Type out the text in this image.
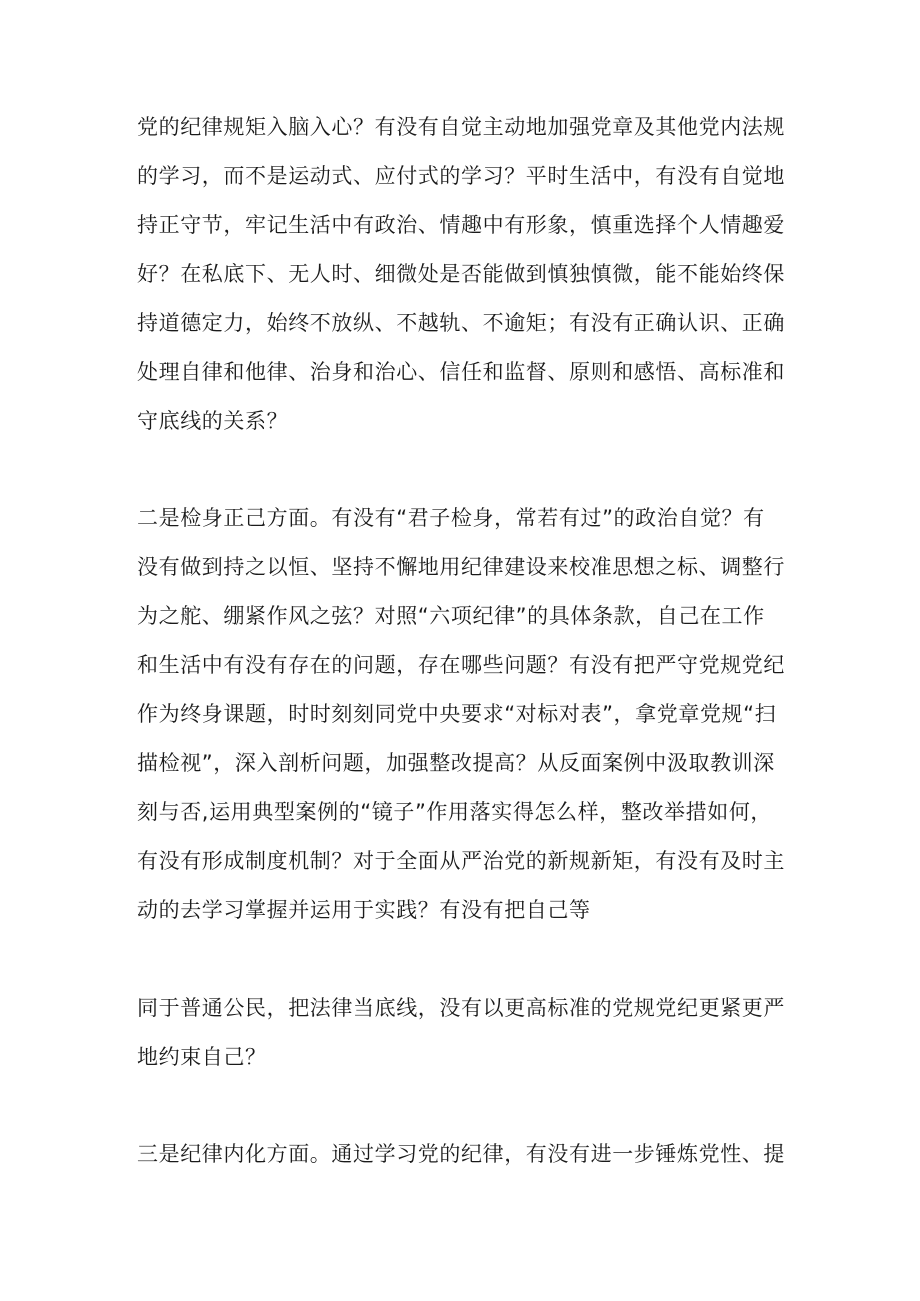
党的纪律规矩入脑入心？有没有自觉主动地加强党章及其他党内法规
的学习，而不是运动式、应付式的学习？平时生活中，有没有自觉地
持正守节，牢记生活中有政治、情趣中有形象，慎重选择个人情趣爱
好？在私底下、无人时、细微处是否能做到慎独慎微，能不能始终保
持道德定力，始终不放纵、不越轨、不逾矩；有没有正确认识、正确
处理自律和他律、治身和治心、信任和监督、原则和感悟、高标准和
守底线的关系？
二是检身正己方面。有没有“君子检身，常若有过”的政治自觉？有
没有做到持之以恒、坚持不懈地用纪律建设来校准思想之标、调整行
为之舵、绷紧作风之弦？对照“六项纪律”的具体条款，自己在工作
和生活中有没有存在的问题，存在哪些问题？有没有把严守党规党纪
作为终身课题，时时刻刻同党中央要求“对标对表”，拿党章党规“扫
描检视”，深入剖析问题，加强整改提高？从反面案例中汲取教训深
刻与否,运用典型案例的“镜子”作用落实得怎么样，整改举措如何，
有没有形成制度机制？对于全面从严治党的新规新矩，有没有及时主
动的去学习掌握并运用于实践？有没有把自己等
同于普通公民，把法律当底线，没有以更高标准的党规党纪更紧更严
地约束自己？
三是纪律内化方面。通过学习党的纪律，有没有进一步锤炼党性、提
